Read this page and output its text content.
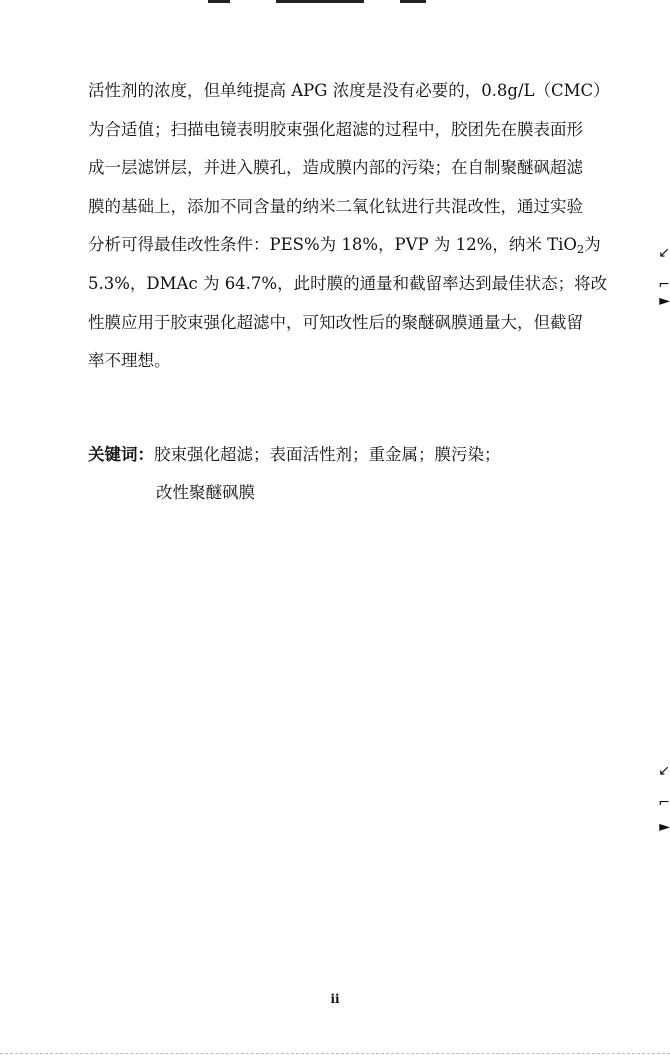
↙
⌐
►
↙
⌐
►
活性剂的浓度，但单纯提高 APG 浓度是没有必要的，0.8g/L（CMC）
为合适值；扫描电镜表明胶束强化超滤的过程中，胶团先在膜表面形
成一层滤饼层，并进入膜孔，造成膜内部的污染；在自制聚醚砜超滤
膜的基础上，添加不同含量的纳米二氧化钛进行共混改性，通过实验
分析可得最佳改性条件：PES%为 18%，PVP 为 12%，纳米 TiO$_2$为
5.3%，DMAc 为 64.7%，此时膜的通量和截留率达到最佳状态；将改
性膜应用于胶束强化超滤中，可知改性后的聚醚砜膜通量大，但截留
率不理想。
关键词：胶束强化超滤；表面活性剂；重金属；膜污染；
改性聚醚砜膜
ii
